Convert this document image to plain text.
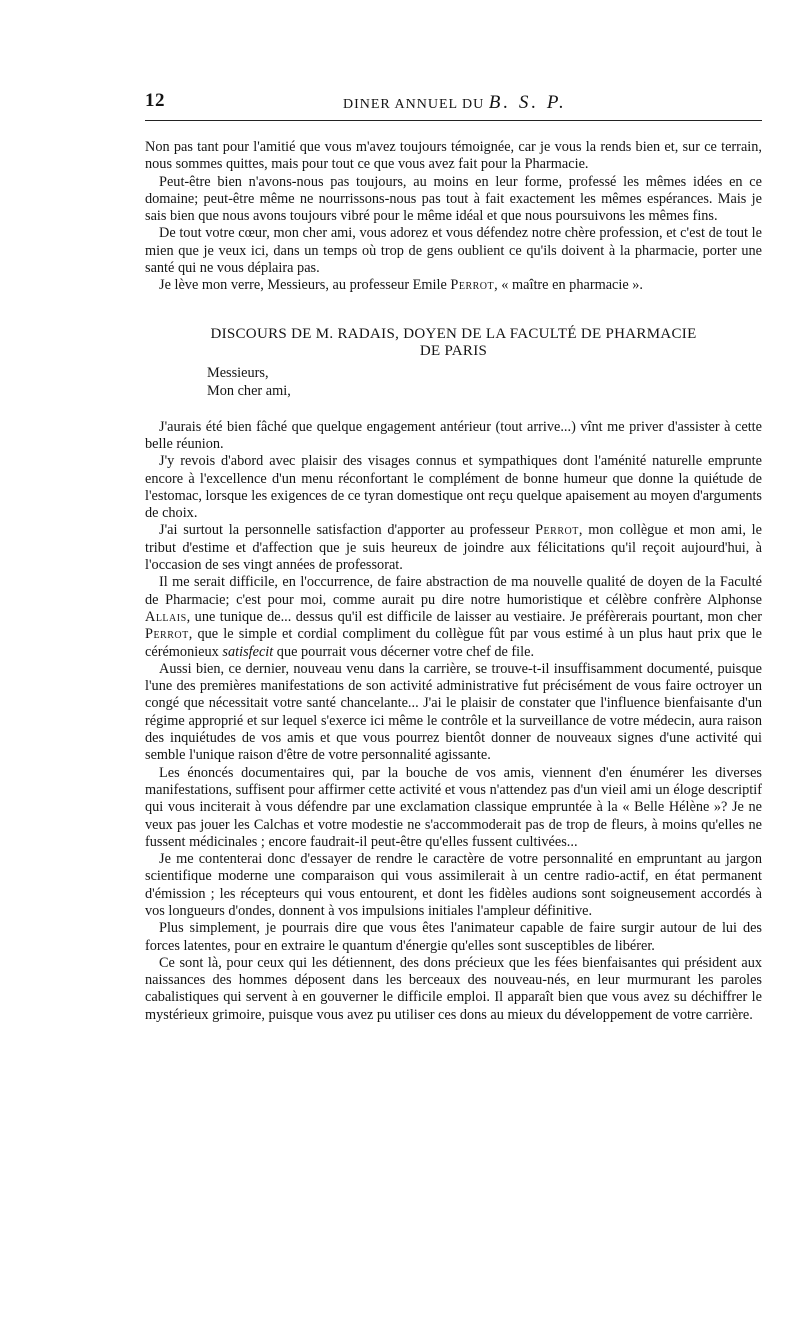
12	DINER ANNUEL DU B. S. P.

Non pas tant pour l'amitié que vous m'avez toujours témoignée, car je vous la rends bien et, sur ce terrain, nous sommes quittes, mais pour tout ce que vous avez fait pour la Pharmacie.

Peut-être bien n'avons-nous pas toujours, au moins en leur forme, professé les mêmes idées en ce domaine; peut-être même ne nourrissons-nous pas tout à fait exactement les mêmes espérances. Mais je sais bien que nous avons toujours vibré pour le même idéal et que nous poursuivons les mêmes fins.

De tout votre cœur, mon cher ami, vous adorez et vous défendez notre chère profession, et c'est de tout le mien que je veux ici, dans un temps où trop de gens oublient ce qu'ils doivent à la pharmacie, porter une santé qui ne vous déplaira pas.

Je lève mon verre, Messieurs, au professeur Emile Perrot, « maître en pharmacie ».

DISCOURS DE M. RADAIS, DOYEN DE LA FACULTÉ DE PHARMACIE
DE PARIS
Messieurs,
Mon cher ami,

J'aurais été bien fâché que quelque engagement antérieur (tout arrive...) vînt me priver d'assister à cette belle réunion.

J'y revois d'abord avec plaisir des visages connus et sympathiques dont l'aménité naturelle emprunte encore à l'excellence d'un menu réconfortant le complément de bonne humeur que donne la quiétude de l'estomac, lorsque les exigences de ce tyran domestique ont reçu quelque apaisement au moyen d'arguments de choix.

J'ai surtout la personnelle satisfaction d'apporter au professeur Perrot, mon collègue et mon ami, le tribut d'estime et d'affection que je suis heureux de joindre aux félicitations qu'il reçoit aujourd'hui, à l'occasion de ses vingt années de professorat.

Il me serait difficile, en l'occurrence, de faire abstraction de ma nouvelle qualité de doyen de la Faculté de Pharmacie; c'est pour moi, comme aurait pu dire notre humoristique et célèbre confrère Alphonse Allais, une tunique de... dessus qu'il est difficile de laisser au vestiaire. Je préfèrerais pourtant, mon cher Perrot, que le simple et cordial compliment du collègue fût par vous estimé à un plus haut prix que le cérémonieux satisfecit que pourrait vous décerner votre chef de file.

Aussi bien, ce dernier, nouveau venu dans la carrière, se trouve-t-il insuffisamment documenté, puisque l'une des premières manifestations de son activité administrative fut précisément de vous faire octroyer un congé que nécessitait votre santé chancelante... J'ai le plaisir de constater que l'influence bienfaisante d'un régime approprié et sur lequel s'exerce ici même le contrôle et la surveillance de votre médecin, aura raison des inquiétudes de vos amis et que vous pourrez bientôt donner de nouveaux signes d'une activité qui semble l'unique raison d'être de votre personnalité agissante.

Les énoncés documentaires qui, par la bouche de vos amis, viennent d'en énumérer les diverses manifestations, suffisent pour affirmer cette activité et vous n'attendez pas d'un vieil ami un éloge descriptif qui vous inciterait à vous défendre par une exclamation classique empruntée à la « Belle Hélène »? Je ne veux pas jouer les Calchas et votre modestie ne s'accommoderait pas de trop de fleurs, à moins qu'elles ne fussent médicinales ; encore faudrait-il peut-être qu'elles fussent cultivées...

Je me contenterai donc d'essayer de rendre le caractère de votre personnalité en empruntant au jargon scientifique moderne une comparaison qui vous assimilerait à un centre radio-actif, en état permanent d'émission ; les récepteurs qui vous entourent, et dont les fidèles audions sont soigneusement accordés à vos longueurs d'ondes, donnent à vos impulsions initiales l'ampleur définitive.

Plus simplement, je pourrais dire que vous êtes l'animateur capable de faire surgir autour de lui des forces latentes, pour en extraire le quantum d'énergie qu'elles sont susceptibles de libérer.

Ce sont là, pour ceux qui les détiennent, des dons précieux que les fées bienfaisantes qui président aux naissances des hommes déposent dans les berceaux des nouveau-nés, en leur murmurant les paroles cabalistiques qui servent à en gouverner le difficile emploi. Il apparaît bien que vous avez su déchiffrer le mystérieux grimoire, puisque vous avez pu utiliser ces dons au mieux du développement de votre carrière.
